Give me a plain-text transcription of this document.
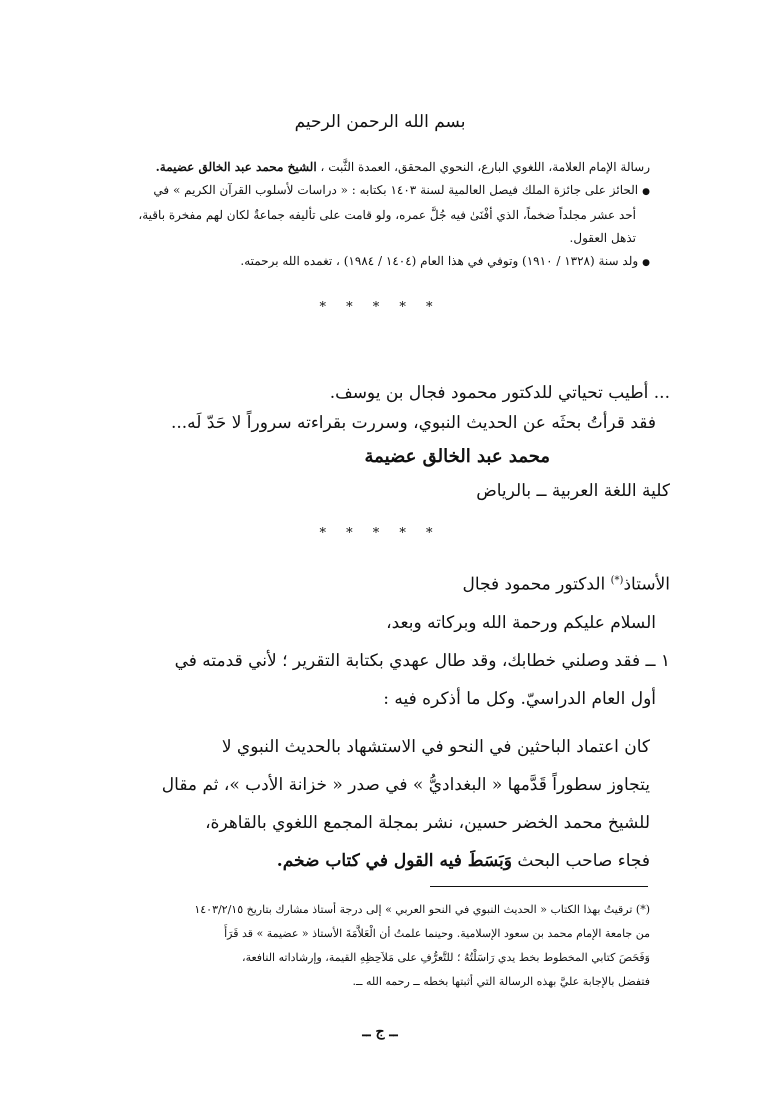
بسم الله الرحمن الرحيم

رسالة الإمام العلامة، اللغوي البارع، النحوي المحقق، العمدة الثَّبت ، الشيخ محمد عبد الخالق عضيمة.

● الحائز على جائزة الملك فيصل العالمية لسنة ١٤٠٣ بكتابه : « دراسات لأسلوب القرآن الكريم » في

أحد عشر مجلداً ضخماً، الذي أفْنَىٰ فيه جُلَّ عمره، ولو قامت على تأليفه جماعةٌ لكان لهم مفخرة باقية،

تذهل العقول.

● ولد سنة (١٣٢٨ / ١٩١٠) وتوفي في هذا العام (١٤٠٤ / ١٩٨٤) ، تغمده الله برحمته.

* * * * *

... أطيب تحياتي للدكتور محمود فجال بن يوسف.

فقد قرأتُ بحثَه عن الحديث النبوي، وسررت بقراءته سروراً لا حَدّ لَه...

محمد عبد الخالق عضيمة

كلية اللغة العربية ــ بالرياض

* * * * *

الأستاذ(*) الدكتور محمود فجال

السلام عليكم ورحمة الله وبركاته وبعد،

١ ــ فقد وصلني خطابك، وقد طال عهدي بكتابة التقرير ؛ لأني قدمته في

أول العام الدراسيّ. وكل ما أذكره فيه :

كان اعتماد الباحثين في النحو في الاستشهاد بالحديث النبوي لا

يتجاوز سطوراً قَدَّمها « البغداديُّ » في صدر « خزانة الأدب »، ثم مقال

للشيخ محمد الخضر حسين، نشر بمجلة المجمع اللغوي بالقاهرة،

فجاء صاحب البحث وَبَسَطَ فيه القول في كتاب ضخم.

(*) ترقيتُ بهذا الكتاب « الحديث النبوي في النحو العربي » إلى درجة أستاذ مشارك بتاريخ ١٤٠٣/٢/١٥

من جامعة الإمام محمد بن سعود الإسلامية. وحينما علمتُ أن الْعَلاَّمَةَ الأستاذ « عضيمة » قد قَرَأَ

وَفَحَصَ كتابي المخطوط بخط يدي رَاسَلْتُهُ ؛ للتَّعرُّفِ على مَلاَحِظِهِ القيمة، وإرشاداته النافعة،

فتفضل بالإجابة عليَّ بهذه الرسالة التي أثبتها بخطه ــ رحمه الله ــ.

ــ ج ــ
